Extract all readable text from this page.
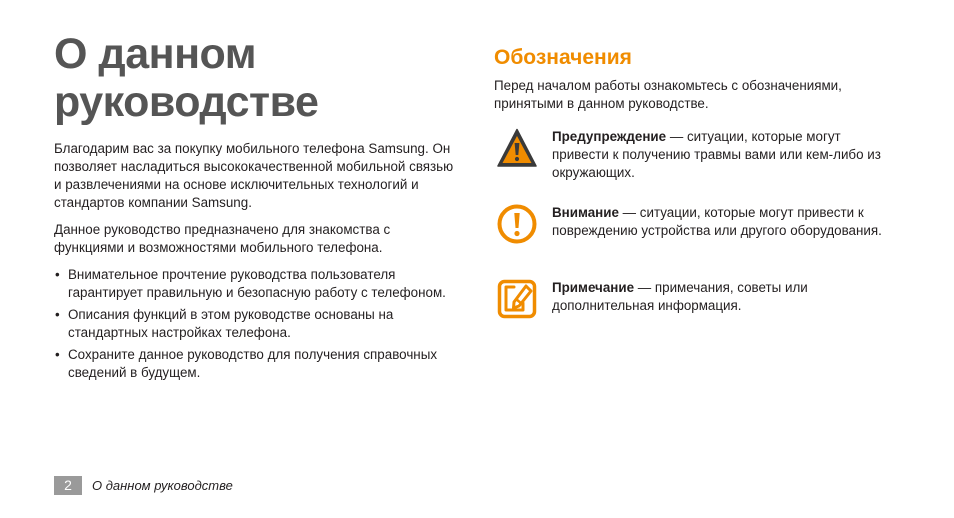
О данном
руководстве

Благодарим вас за покупку мобильного телефона Samsung. Он позволяет насладиться высококачественной мобильной связью и развлечениями на основе исключительных технологий и стандартов компании Samsung.

Данное руководство предназначено для знакомства с функциями и возможностями мобильного телефона.

• Внимательное прочтение руководства пользователя гарантирует правильную и безопасную работу с телефоном.
• Описания функций в этом руководстве основаны на стандартных настройках телефона.
• Сохраните данное руководство для получения справочных сведений в будущем.
Обозначения

Перед началом работы ознакомьтесь с обозначениями, принятыми в данном руководстве.

Предупреждение — ситуации, которые могут привести к получению травмы вами или кем-либо из окружающих.
Внимание — ситуации, которые могут привести к повреждению устройства или другого оборудования.
Примечание — примечания, советы или дополнительная информация.
2	О данном руководстве
